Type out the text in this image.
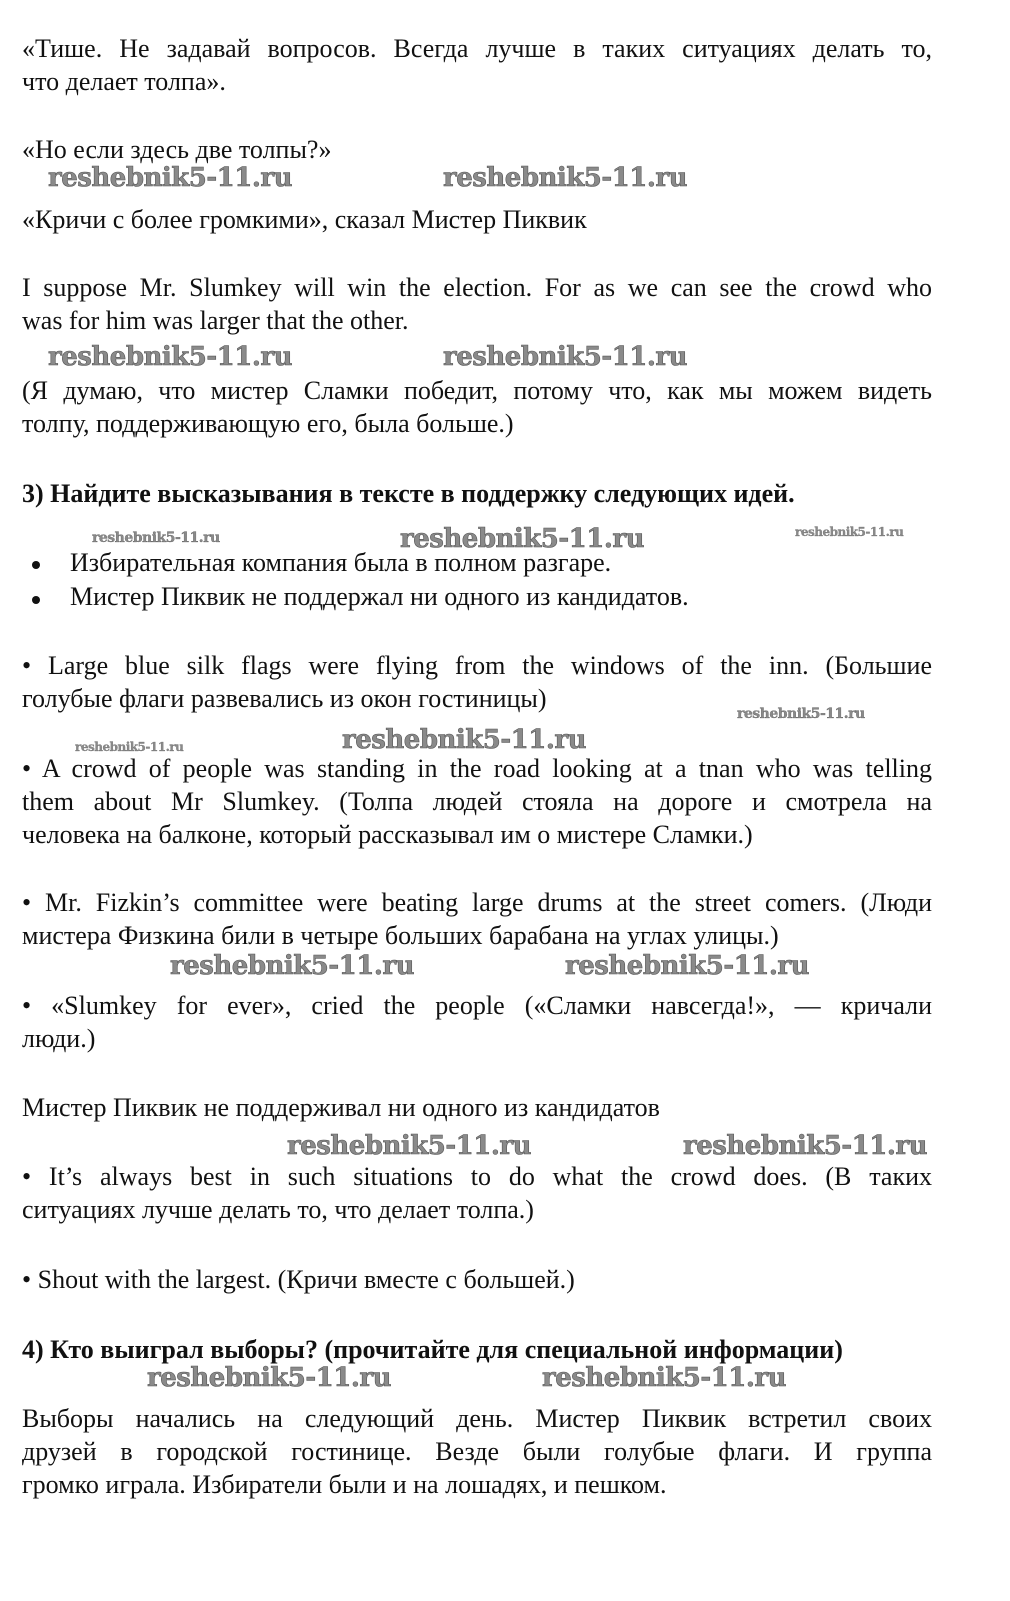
«Тише. Не задавай вопросов. Всегда лучше в таких ситуациях делать то,
что делает толпа».
«Но если здесь две толпы?»
reshebnik5-11.ru	reshebnik5-11.ru
«Кричи с более громкими», сказал Мистер Пиквик
I suppose Mr. Slumkey will win the election. For as we can see the crowd who
was for him was larger that the other.
reshebnik5-11.ru	reshebnik5-11.ru
(Я думаю, что мистер Сламки победит, потому что, как мы можем видеть
толпу, поддерживающую его, была больше.)
3) Найдите высказывания в тексте в поддержку следующих идей.
reshebnik5-11.ru	reshebnik5-11.ru	reshebnik5-11.ru
Избирательная компания была в полном разгаре.
Мистер Пиквик не поддержал ни одного из кандидатов.
• Large blue silk flags were flying from the windows of the inn. (Большие
голубые флаги развевались из окон гостиницы)
reshebnik5-11.ru
reshebnik5-11.ru	reshebnik5-11.ru
• A crowd of people was standing in the road looking at a tnan who was telling
them about Mr Slumkey. (Толпа людей стояла на дороге и смотрела на
человека на балконе, который рассказывал им о мистере Сламки.)
• Mr. Fizkin’s committee were beating large drums at the street comers. (Люди
мистера Физкина били в четыре больших барабана на углах улицы.)
reshebnik5-11.ru	reshebnik5-11.ru
• «Slumkey for ever», cried the people («Сламки навсегда!», — кричали
люди.)
Мистер Пиквик не поддерживал ни одного из кандидатов
reshebnik5-11.ru	reshebnik5-11.ru
• It’s always best in such situations to do what the crowd does. (В таких
ситуациях лучше делать то, что делает толпа.)
• Shout with the largest. (Кричи вместе с большей.)
4) Кто выиграл выборы? (прочитайте для специальной информации)
reshebnik5-11.ru	reshebnik5-11.ru
Выборы начались на следующий день. Мистер Пиквик встретил своих
друзей в городской гостинице. Везде были голубые флаги. И группа
громко играла. Избиратели были и на лошадях, и пешком.
